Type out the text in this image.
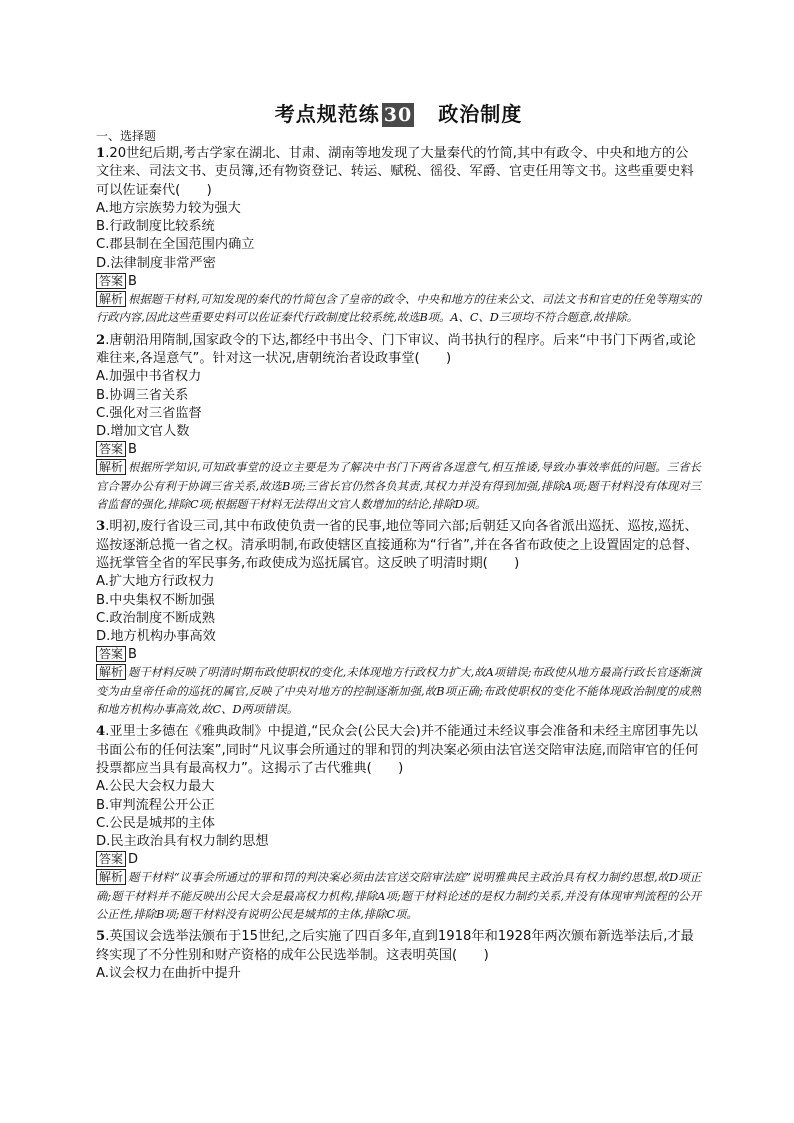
考点规范练 30 政治制度
一、选择题
1.20世纪后期,考古学家在湖北、甘肃、湖南等地发现了大量秦代的竹简,其中有政令、中央和地方的公文往来、司法文书、吏员簿,还有物资登记、转运、赋税、徭役、军爵、官吏任用等文书。这些重要史料可以佐证秦代(　　)
A.地方宗族势力较为强大
B.行政制度比较系统
C.郡县制在全国范围内确立
D.法律制度非常严密
答案 B
解析 根据题干材料,可知发现的秦代的竹简包含了皇帝的政令、中央和地方的往来公文、司法文书和官吏的任免等翔实的行政内容,因此这些重要史料可以佐证秦代行政制度比较系统,故选B项。A、C、D三项均不符合题意,故排除。
2.唐朝沿用隋制,国家政令的下达,都经中书出令、门下审议、尚书执行的程序。后来“中书门下两省,或论难往来,各逞意气”。针对这一状况,唐朝统治者设政事堂(　　)
A.加强中书省权力
B.协调三省关系
C.强化对三省监督
D.增加文官人数
答案 B
解析 根据所学知识,可知政事堂的设立主要是为了解决中书门下两省各逞意气,相互推诿,导致办事效率低的问题。三省长官合署办公有利于协调三省关系,故选B项;三省长官仍然各负其责,其权力并没有得到加强,排除A项;题干材料没有体现对三省监督的强化,排除C项;根据题干材料无法得出文官人数增加的结论,排除D项。
3.明初,废行省设三司,其中布政使负责一省的民事,地位等同六部;后朝廷又向各省派出巡抚、巡按,巡抚、巡按逐渐总揽一省之权。清承明制,布政使辖区直接通称为“行省”,并在各省布政使之上设置固定的总督、巡抚掌管全省的军民事务,布政使成为巡抚属官。这反映了明清时期(　　)
A.扩大地方行政权力
B.中央集权不断加强
C.政治制度不断成熟
D.地方机构办事高效
答案 B
解析 题干材料反映了明清时期布政使职权的变化,未体现地方行政权力扩大,故A项错误;布政使从地方最高行政长官逐渐演变为由皇帝任命的巡抚的属官,反映了中央对地方的控制逐渐加强,故B项正确;布政使职权的变化不能体现政治制度的成熟和地方机构办事高效,故C、D两项错误。
4.亚里士多德在《雅典政制》中提道,“民众会(公民大会)并不能通过未经议事会准备和未经主席团事先以书面公布的任何法案”,同时“凡议事会所通过的罪和罚的判决案必须由法官送交陪审法庭,而陪审官的任何投票都应当具有最高权力”。这揭示了古代雅典(　　)
A.公民大会权力最大
B.审判流程公开公正
C.公民是城邦的主体
D.民主政治具有权力制约思想
答案 D
解析 题干材料“议事会所通过的罪和罚的判决案必须由法官送交陪审法庭”说明雅典民主政治具有权力制约思想,故D项正确;题干材料并不能反映出公民大会是最高权力机构,排除A项;题干材料论述的是权力制约关系,并没有体现审判流程的公开公正性,排除B项;题干材料没有说明公民是城邦的主体,排除C项。
5.英国议会选举法颁布于15世纪,之后实施了四百多年,直到1918年和1928年两次颁布新选举法后,才最终实现了不分性别和财产资格的成年公民选举制。这表明英国(　　)
A.议会权力在曲折中提升
